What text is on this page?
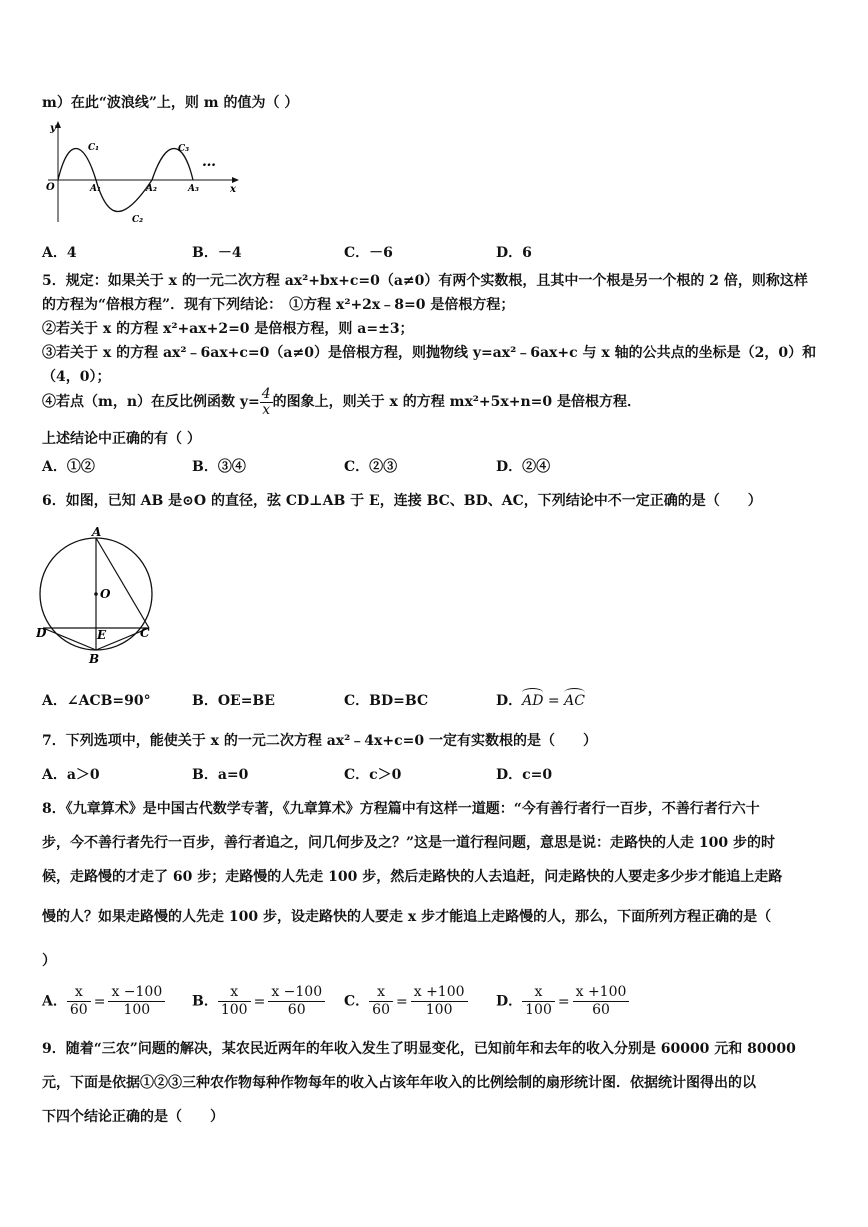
m）在此“波浪线”上，则 m 的值为（ ）
y
x
O
C₁
C₂
C₃
A₁	A₂	A₃
…
A．4	B．－4	C．－6	D．6
5．规定：如果关于 x 的一元二次方程 ax²+bx+c=0（a≠0）有两个实数根，且其中一个根是另一个根的 2 倍，则称这样
的方程为“倍根方程”．现有下列结论：　①方程 x²+2x﹣8=0 是倍根方程；
②若关于 x 的方程 x²+ax+2=0 是倍根方程，则 a=±3；
③若关于 x 的方程 ax²﹣6ax+c=0（a≠0）是倍根方程，则抛物线 y=ax²﹣6ax+c 与 x 轴的公共点的坐标是（2，0）和
（4，0）；
④若点（m，n）在反比例函数 $y= \frac{4}{x}$ 的图象上，则关于 x 的方程 mx²+5x+n=0 是倍根方程．
上述结论中正确的有（ ）
A．①②	B．③④	C．②③	D．②④
6．如图，已知 AB 是⊙O 的直径，弦 CD⊥AB 于 E，连接 BC、BD、AC，下列结论中不一定正确的是（　　）
A
O
D	E	C
B
A．∠ACB=90°	B．OE=BE	C．BD=BC	D．AD = AC
7．下列选项中，能使关于 x 的一元二次方程 ax²﹣4x+c=0 一定有实数根的是（　　）
A．a＞0	B．a=0	C．c＞0	D．c=0
8．《九章算术》是中国古代数学专著，《九章算术》方程篇中有这样一道题：“今有善行者行一百步，不善行者行六十
步，今不善行者先行一百步，善行者追之，问几何步及之？”这是一道行程问题，意思是说：走路快的人走 100 步的时
候，走路慢的才走了 60 步；走路慢的人先走 100 步，然后走路快的人去追赶，问走路快的人要走多少步才能追上走路
慢的人？如果走路慢的人先走 100 步，设走路快的人要走 x 步才能追上走路慢的人，那么，下面所列方程正确的是（
）
A． $\frac{x}{60} = \frac{x -100}{100}$ B． $\frac{x}{100} = \frac{x -100}{60}$ C． $\frac{x}{60} = \frac{x +100}{100}$ D． $\frac{x}{100} = \frac{x +100}{60}$
9．随着“三农”问题的解决，某农民近两年的年收入发生了明显变化，已知前年和去年的收入分别是 60000 元和 80000
元，下面是依据①②③三种农作物每种作物每年的收入占该年年收入的比例绘制的扇形统计图．依据统计图得出的以
下四个结论正确的是（　　）
